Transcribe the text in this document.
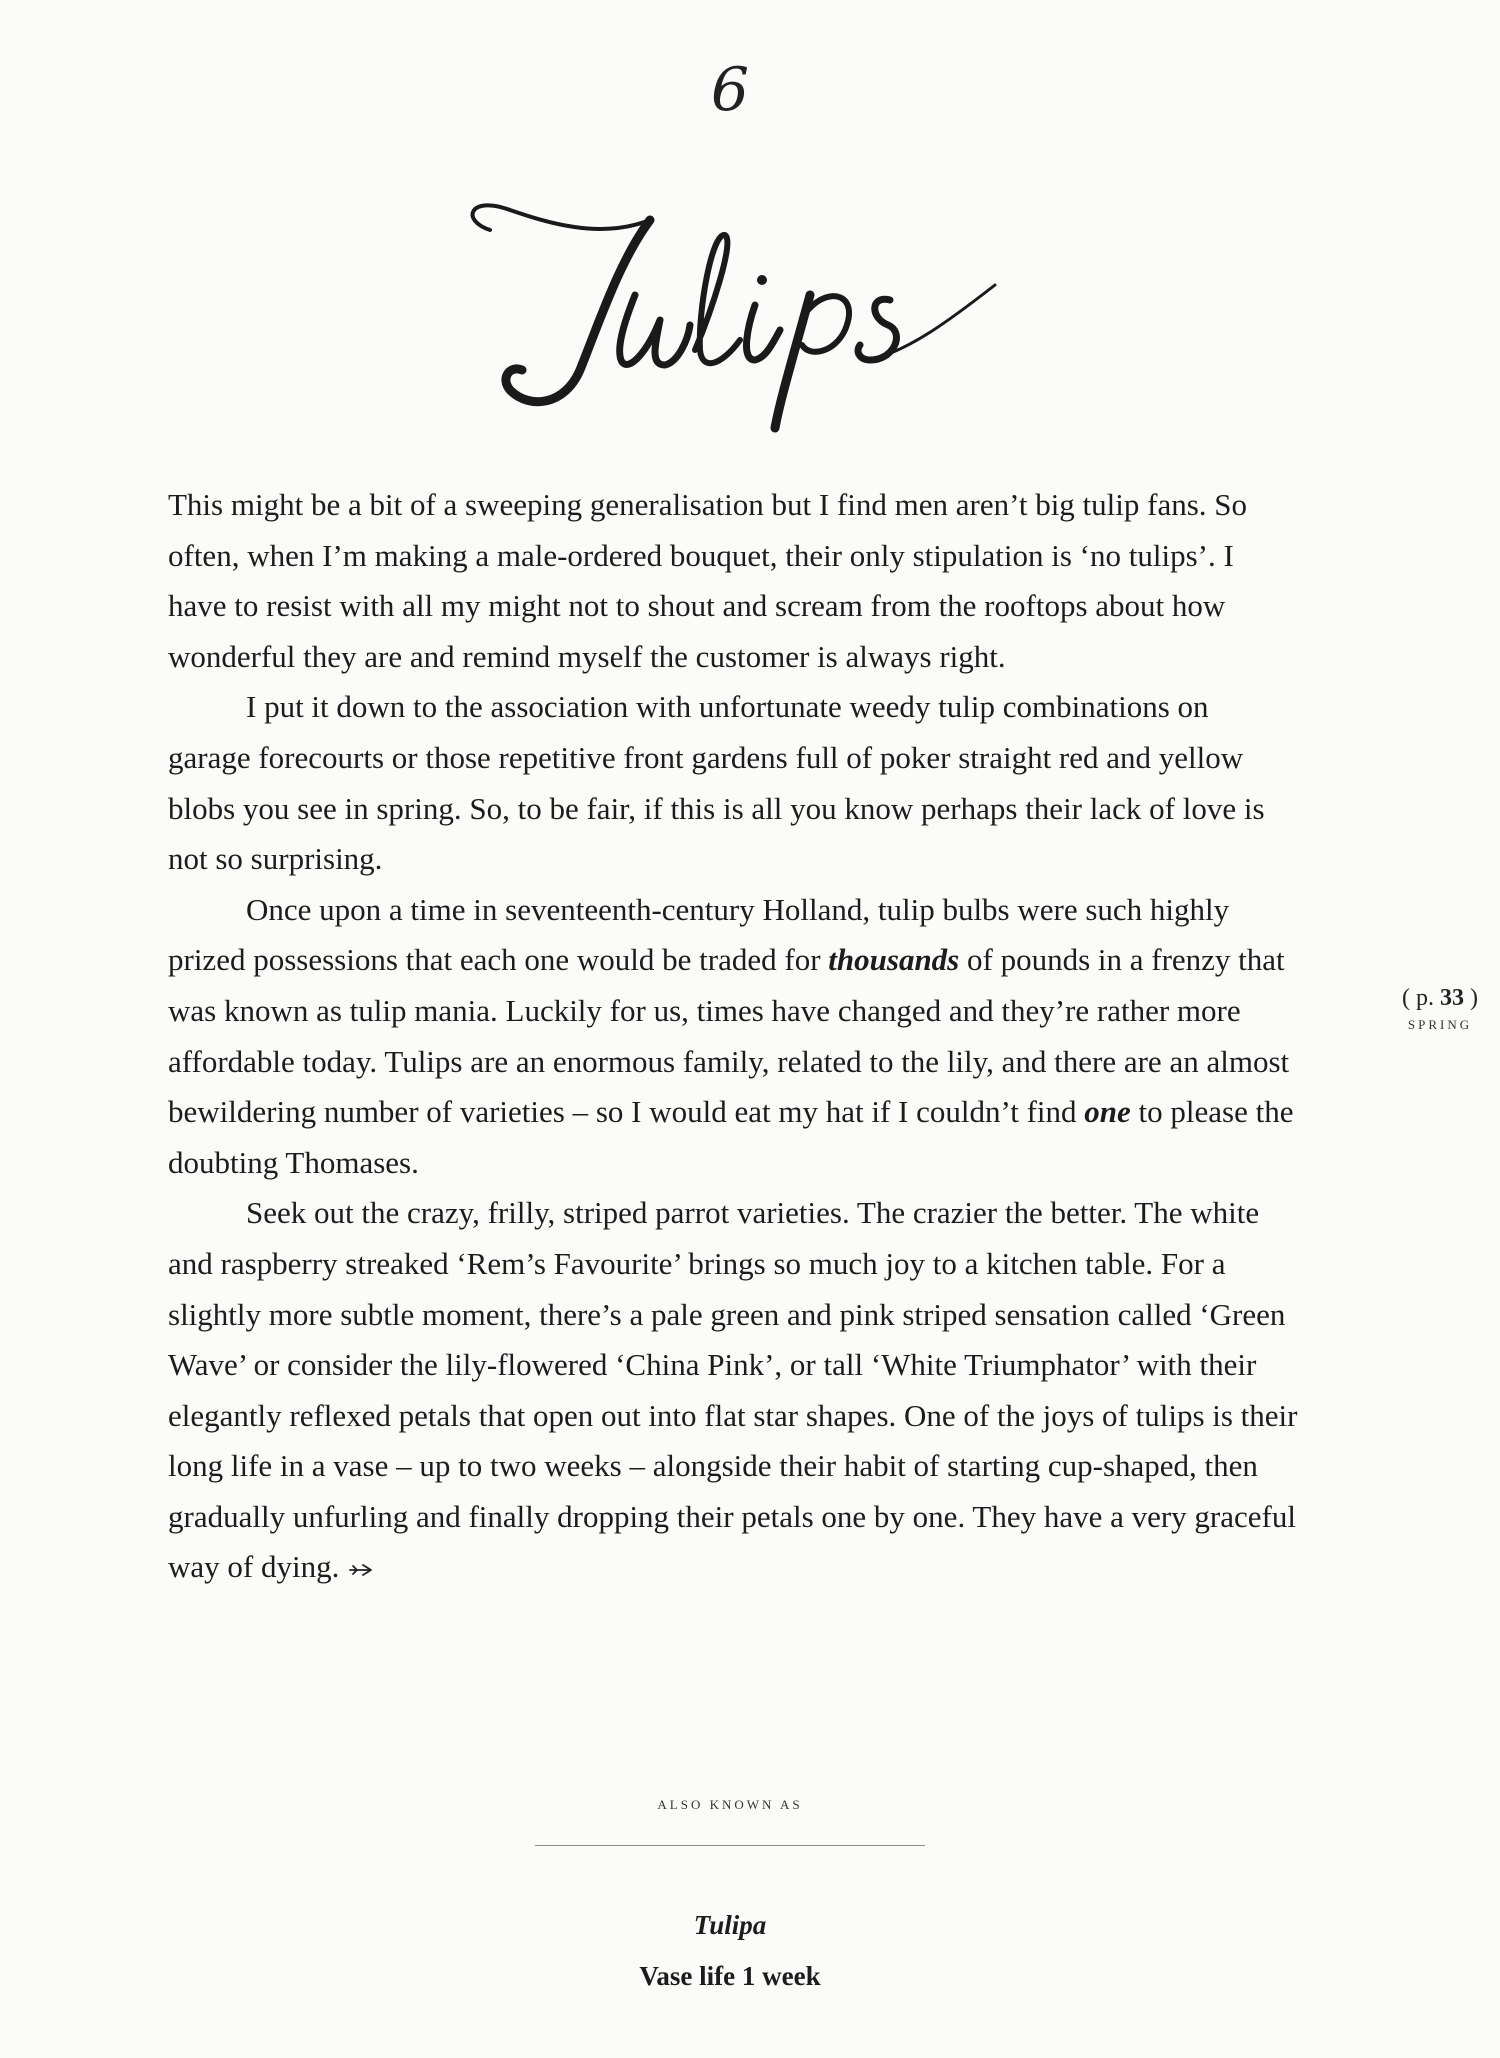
6

This might be a bit of a sweeping generalisation but I find men aren’t big tulip fans. So often, when I’m making a male-ordered bouquet, their only stipulation is ‘no tulips’. I have to resist with all my might not to shout and scream from the rooftops about how wonderful they are and remind myself the customer is always right.

I put it down to the association with unfortunate weedy tulip combinations on garage forecourts or those repetitive front gardens full of poker straight red and yellow blobs you see in spring. So, to be fair, if this is all you know perhaps their lack of love is not so surprising.

Once upon a time in seventeenth-century Holland, tulip bulbs were such highly prized possessions that each one would be traded for thousands of pounds in a frenzy that was known as tulip mania. Luckily for us, times have changed and they’re rather more affordable today. Tulips are an enormous family, related to the lily, and there are an almost bewildering number of varieties – so I would eat my hat if I couldn’t find one to please the doubting Thomases.

Seek out the crazy, frilly, striped parrot varieties. The crazier the better. The white and raspberry streaked ‘Rem’s Favourite’ brings so much joy to a kitchen table. For a slightly more subtle moment, there’s a pale green and pink striped sensation called ‘Green Wave’ or consider the lily-flowered ‘China Pink’, or tall ‘White Triumphator’ with their elegantly reflexed petals that open out into flat star shapes. One of the joys of tulips is their long life in a vase – up to two weeks – alongside their habit of starting cup-shaped, then gradually unfurling and finally dropping their petals one by one. They have a very graceful way of dying.

( p. 33 )
SPRING
ALSO KNOWN AS
Tulipa
Vase life 1 week
